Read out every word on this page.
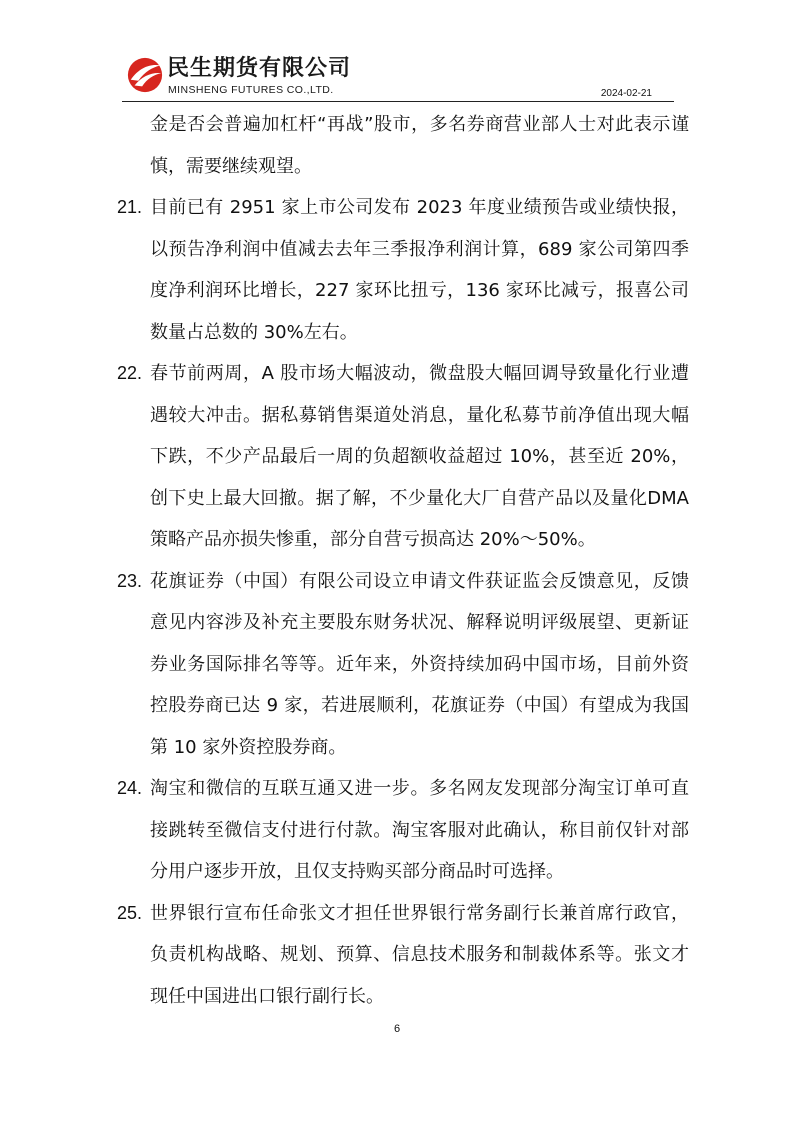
民生期货有限公司
MINSHENG FUTURES CO.,LTD.	2024-02-21

金是否会普遍加杠杆“再战”股市，多名券商营业部人士对此表示谨慎，需要继续观望。

21. 目前已有 2951 家上市公司发布 2023 年度业绩预告或业绩快报，以预告净利润中值减去去年三季报净利润计算，689 家公司第四季度净利润环比增长，227 家环比扭亏，136 家环比减亏，报喜公司数量占总数的 30%左右。
22. 春节前两周，A 股市场大幅波动，微盘股大幅回调导致量化行业遭遇较大冲击。据私募销售渠道处消息，量化私募节前净值出现大幅下跌，不少产品最后一周的负超额收益超过 10%，甚至近 20%，创下史上最大回撤。据了解，不少量化大厂自营产品以及量化DMA 策略产品亦损失惨重，部分自营亏损高达 20%～50%。
23. 花旗证券（中国）有限公司设立申请文件获证监会反馈意见，反馈意见内容涉及补充主要股东财务状况、解释说明评级展望、更新证券业务国际排名等等。近年来，外资持续加码中国市场，目前外资控股券商已达 9 家，若进展顺利，花旗证券（中国）有望成为我国第 10 家外资控股券商。
24. 淘宝和微信的互联互通又进一步。多名网友发现部分淘宝订单可直接跳转至微信支付进行付款。淘宝客服对此确认，称目前仅针对部分用户逐步开放，且仅支持购买部分商品时可选择。
25. 世界银行宣布任命张文才担任世界银行常务副行长兼首席行政官，负责机构战略、规划、预算、信息技术服务和制裁体系等。张文才现任中国进出口银行副行长。
6
